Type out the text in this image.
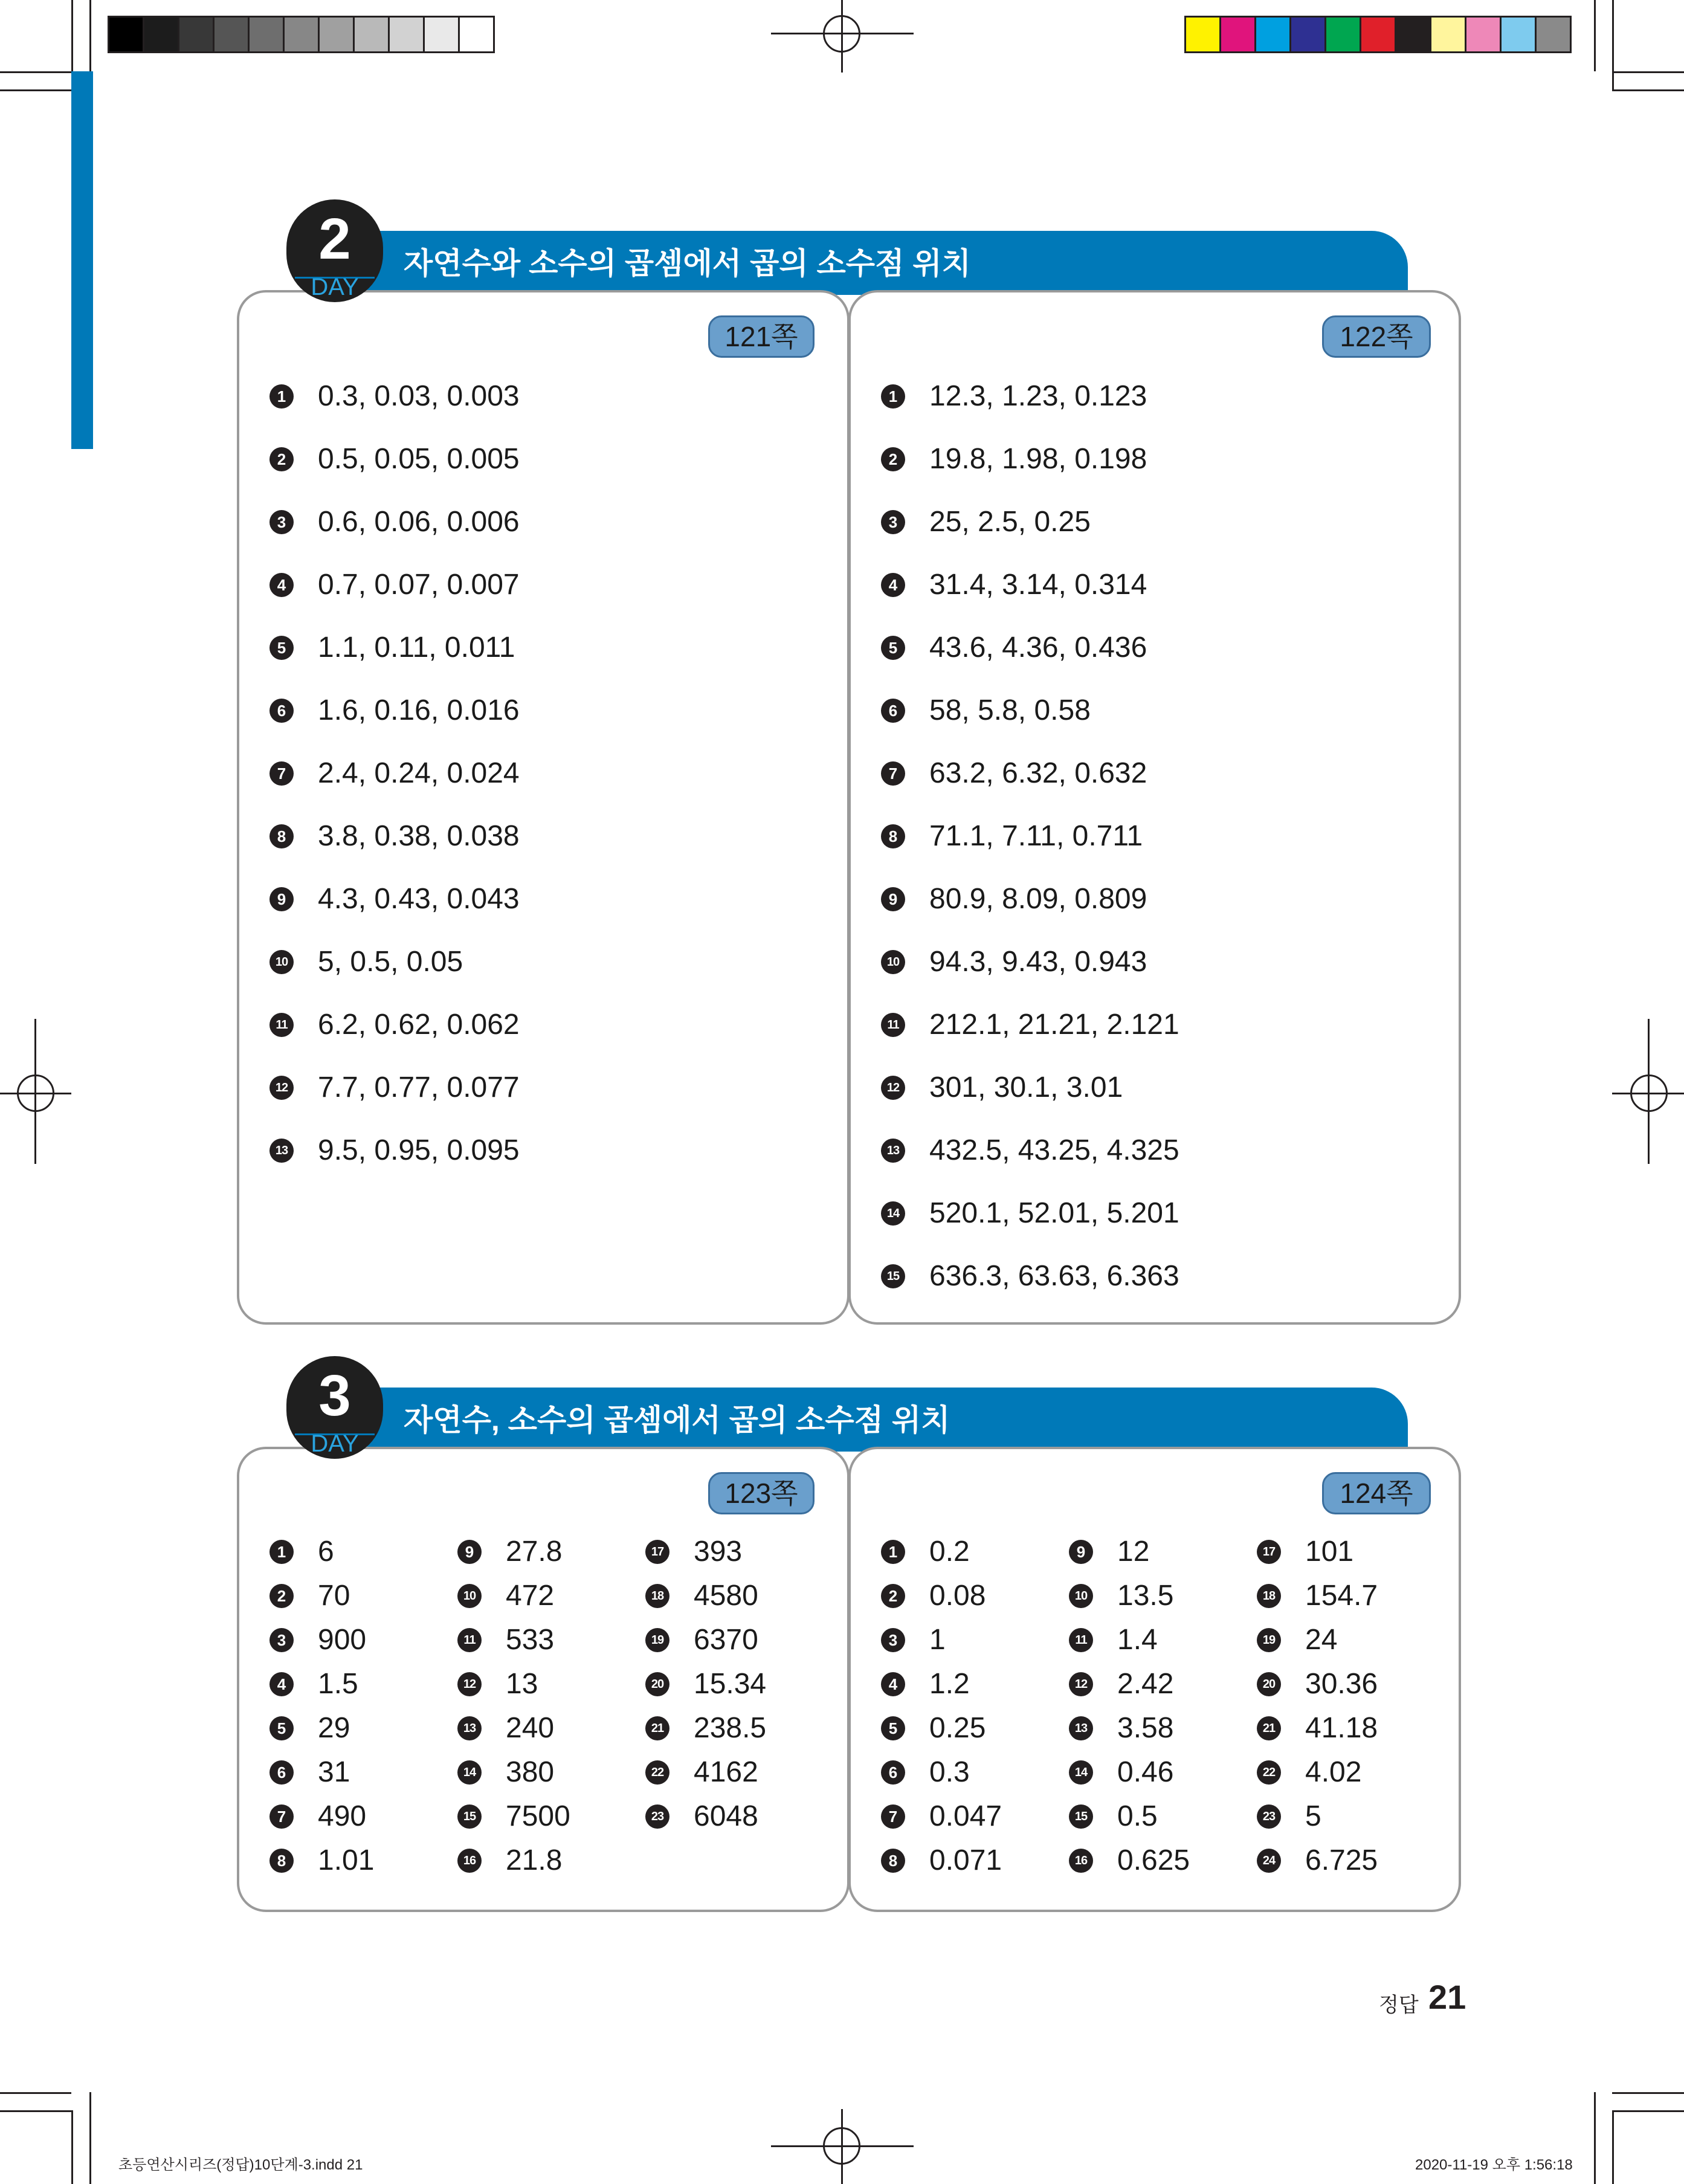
자연수와 소수의 곱셈에서 곱의 소수점 위치
121쪽
1 0.3, 0.03, 0.003
2 0.5, 0.05, 0.005
3 0.6, 0.06, 0.006
4 0.7, 0.07, 0.007
5 1.1, 0.11, 0.011
6 1.6, 0.16, 0.016
7 2.4, 0.24, 0.024
8 3.8, 0.38, 0.038
9 4.3, 0.43, 0.043
10 5, 0.5, 0.05
11 6.2, 0.62, 0.062
12 7.7, 0.77, 0.077
13 9.5, 0.95, 0.095
122쪽
1 12.3, 1.23, 0.123
2 19.8, 1.98, 0.198
3 25, 2.5, 0.25
4 31.4, 3.14, 0.314
5 43.6, 4.36, 0.436
6 58, 5.8, 0.58
7 63.2, 6.32, 0.632
8 71.1, 7.11, 0.711
9 80.9, 8.09, 0.809
10 94.3, 9.43, 0.943
11 212.1, 21.21, 2.121
12 301, 30.1, 3.01
13 432.5, 43.25, 4.325
14 520.1, 52.01, 5.201
15 636.3, 63.63, 6.363
2
DAY
자연수, 소수의 곱셈에서 곱의 소수점 위치
123쪽
1 6
2 70
3 900
4 1.5
5 29
6 31
7 490
8 1.01
9 27.8
10 472
11 533
12 13
13 240
14 380
15 7500
16 21.8
17 393
18 4580
19 6370
20 15.34
21 238.5
22 4162
23 6048
124쪽
1 0.2
2 0.08
3 1
4 1.2
5 0.25
6 0.3
7 0.047
8 0.071
9 12
10 13.5
11 1.4
12 2.42
13 3.58
14 0.46
15 0.5
16 0.625
17 101
18 154.7
19 24
20 30.36
21 41.18
22 4.02
23 5
24 6.725
3
DAY
정답 21
초등연산시리즈(정답)10단계-3.indd 21	2020-11-19 오후 1:56:18
